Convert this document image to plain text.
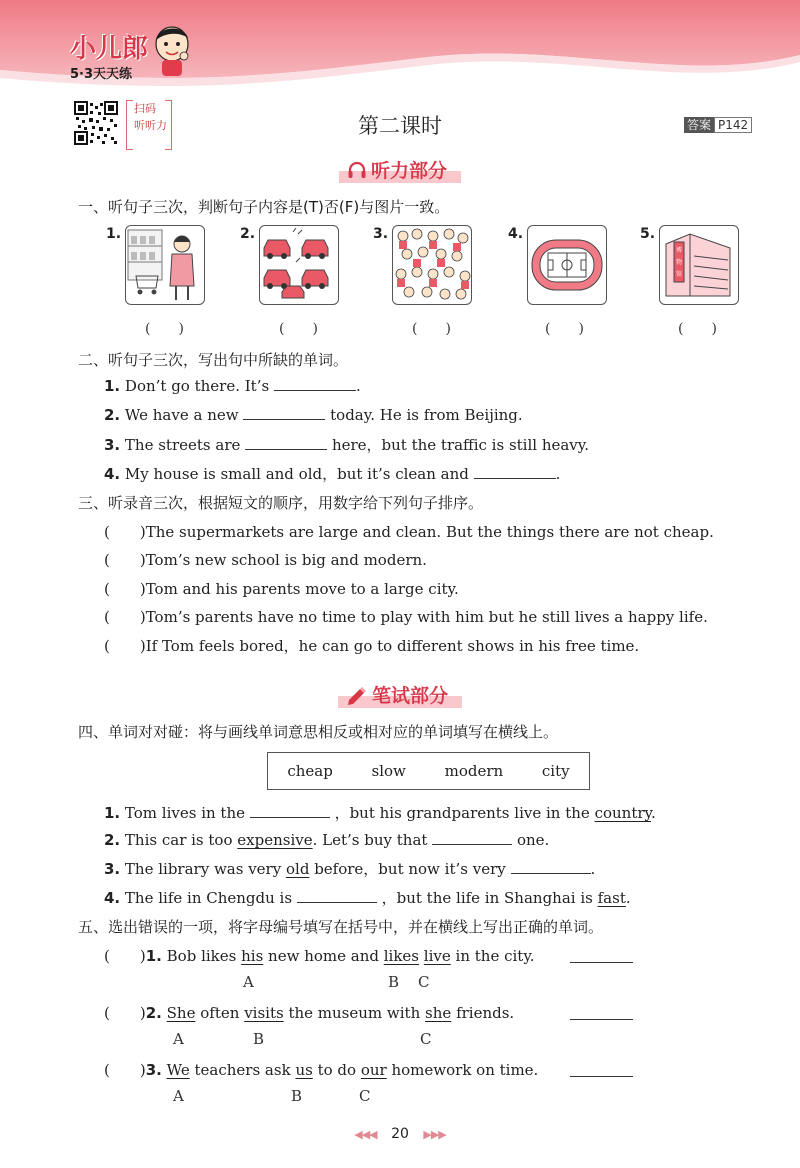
小儿郎
5·3天天练
扫码
听听力	第二课时	答案 P142
听力部分
一、听句子三次，判断句子内容是(T)否(F)与图片一致。
1.
(　　)
2.
(　　)
3.
(　　)
4.
(　　)
5.
博
物
馆
(　　)
二、听句子三次，写出句中所缺的单词。
1. Don’t go there. It’s	.
2. We have a new	today. He is from Beijing.
3. The streets are	here，but the traffic is still heavy.
4. My house is small and old，but it’s clean and	.
三、听录音三次，根据短文的顺序，用数字给下列句子排序。
(　　)The supermarkets are large and clean. But the things there are not cheap.
(　　)Tom’s new school is big and modern.
(　　)Tom and his parents move to a large city.
(　　)Tom’s parents have no time to play with him but he still lives a happy life.
(　　)If Tom feels bored，he can go to different shows in his free time.
笔试部分
四、单词对对碰：将与画线单词意思相反或相对应的单词填写在横线上。
cheap	slow	modern	city
1. Tom lives in the	，but his grandparents live in the country.
2. This car is too expensive. Let’s buy that	one.
3. The library was very old before，but now it’s very	.
4. The life in Chengdu is	，but the life in Shanghai is fast.
五、选出错误的一项，将字母编号填写在括号中，并在横线上写出正确的单词。
(　　)1. Bob likes his new home and likes live in the city.
A	B C
(　　)2. She often visits the museum with she friends.
A	B	C
(　　)3. We teachers ask us to do our homework on time.
A	B	C
◀◀◀ 20 ▶▶▶
